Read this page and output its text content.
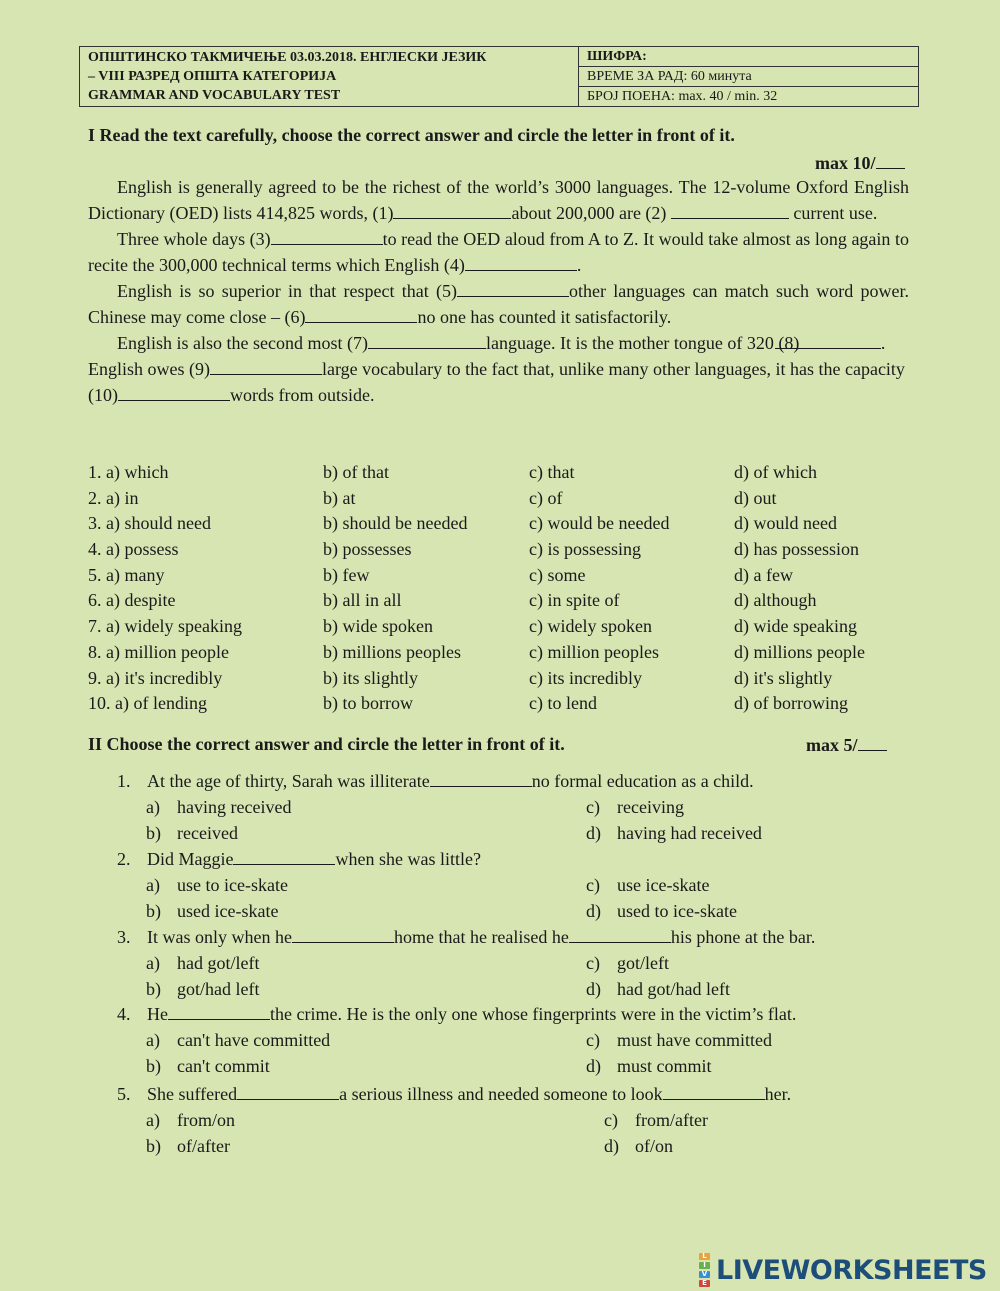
ОПШТИНСКО ТАКМИЧЕЊЕ 03.03.2018. ЕНГЛЕСКИ ЈЕЗИК
– VIII РАЗРЕД ОПШТА КАТЕГОРИЈА
GRAMMAR AND VOCABULARY TEST
	ШИФРА:
ВРЕМЕ ЗА РАД: 60 минута
БРОЈ ПОЕНА: max. 40 / min. 32
I Read the text carefully, choose the correct answer and circle the letter in front of it.
max 10/

English is generally agreed to be the richest of the world’s 3000 languages. The 12-volume Oxford English Dictionary (OED) lists 414,825 words, (1)	about 200,000 are (2)	current use.

Three whole days (3)	to read the OED aloud from A to Z. It would take almost as long again to recite the 300,000 technical terms which English (4)	.

English is so superior in that respect that (5)	other languages can match such word power. Chinese may come close – (6)	no one has counted it satisfactorily.

English is also the second most (7)	language. It is the mother tongue of 320 (8)	. English owes (9)	large vocabulary to the fact that, unlike many other languages, it has the capacity (10)	words from outside.

1. a) which	b) of that	c) that	d) of which
2. a) in	b) at	c) of	d) out
3. a) should need	b) should be needed	c) would be needed	d) would need
4. a) possess	b) possesses	c) is possessing	d) has possession
5. a) many	b) few	c) some	d) a few
6. a) despite	b) all in all	c) in spite of	d) although
7. a) widely speaking	b) wide spoken	c) widely spoken	d) wide speaking
8. a) million people	b) millions peoples	c) million peoples	d) millions people
9. a) it's incredibly	b) its slightly	c) its incredibly	d) it's slightly
10. a) of lending	b) to borrow	c) to lend	d) of borrowing
II Choose the correct answer and circle the letter in front of it.	max 5/
L
I
V
E LIVEWORKSHEETS
1. At the age of thirty, Sarah was illiterate	no formal education as a child.
a) having received	c) receiving
b) received	d) having had received
2. Did Maggie	when she was little?
a) use to ice-skate	c) use ice-skate
b) used ice-skate	d) used to ice-skate
3. It was only when he	home that he realised he	his phone at the bar.
a) had got/left	c) got/left
b) got/had left	d) had got/had left
4. He	the crime. He is the only one whose fingerprints were in the victim’s flat.
a) can't have committed	c) must have committed
b) can't commit	d) must commit
5. She suffered	a serious illness and needed someone to look	her.
a) from/on	c) from/after
b) of/after	d) of/on
